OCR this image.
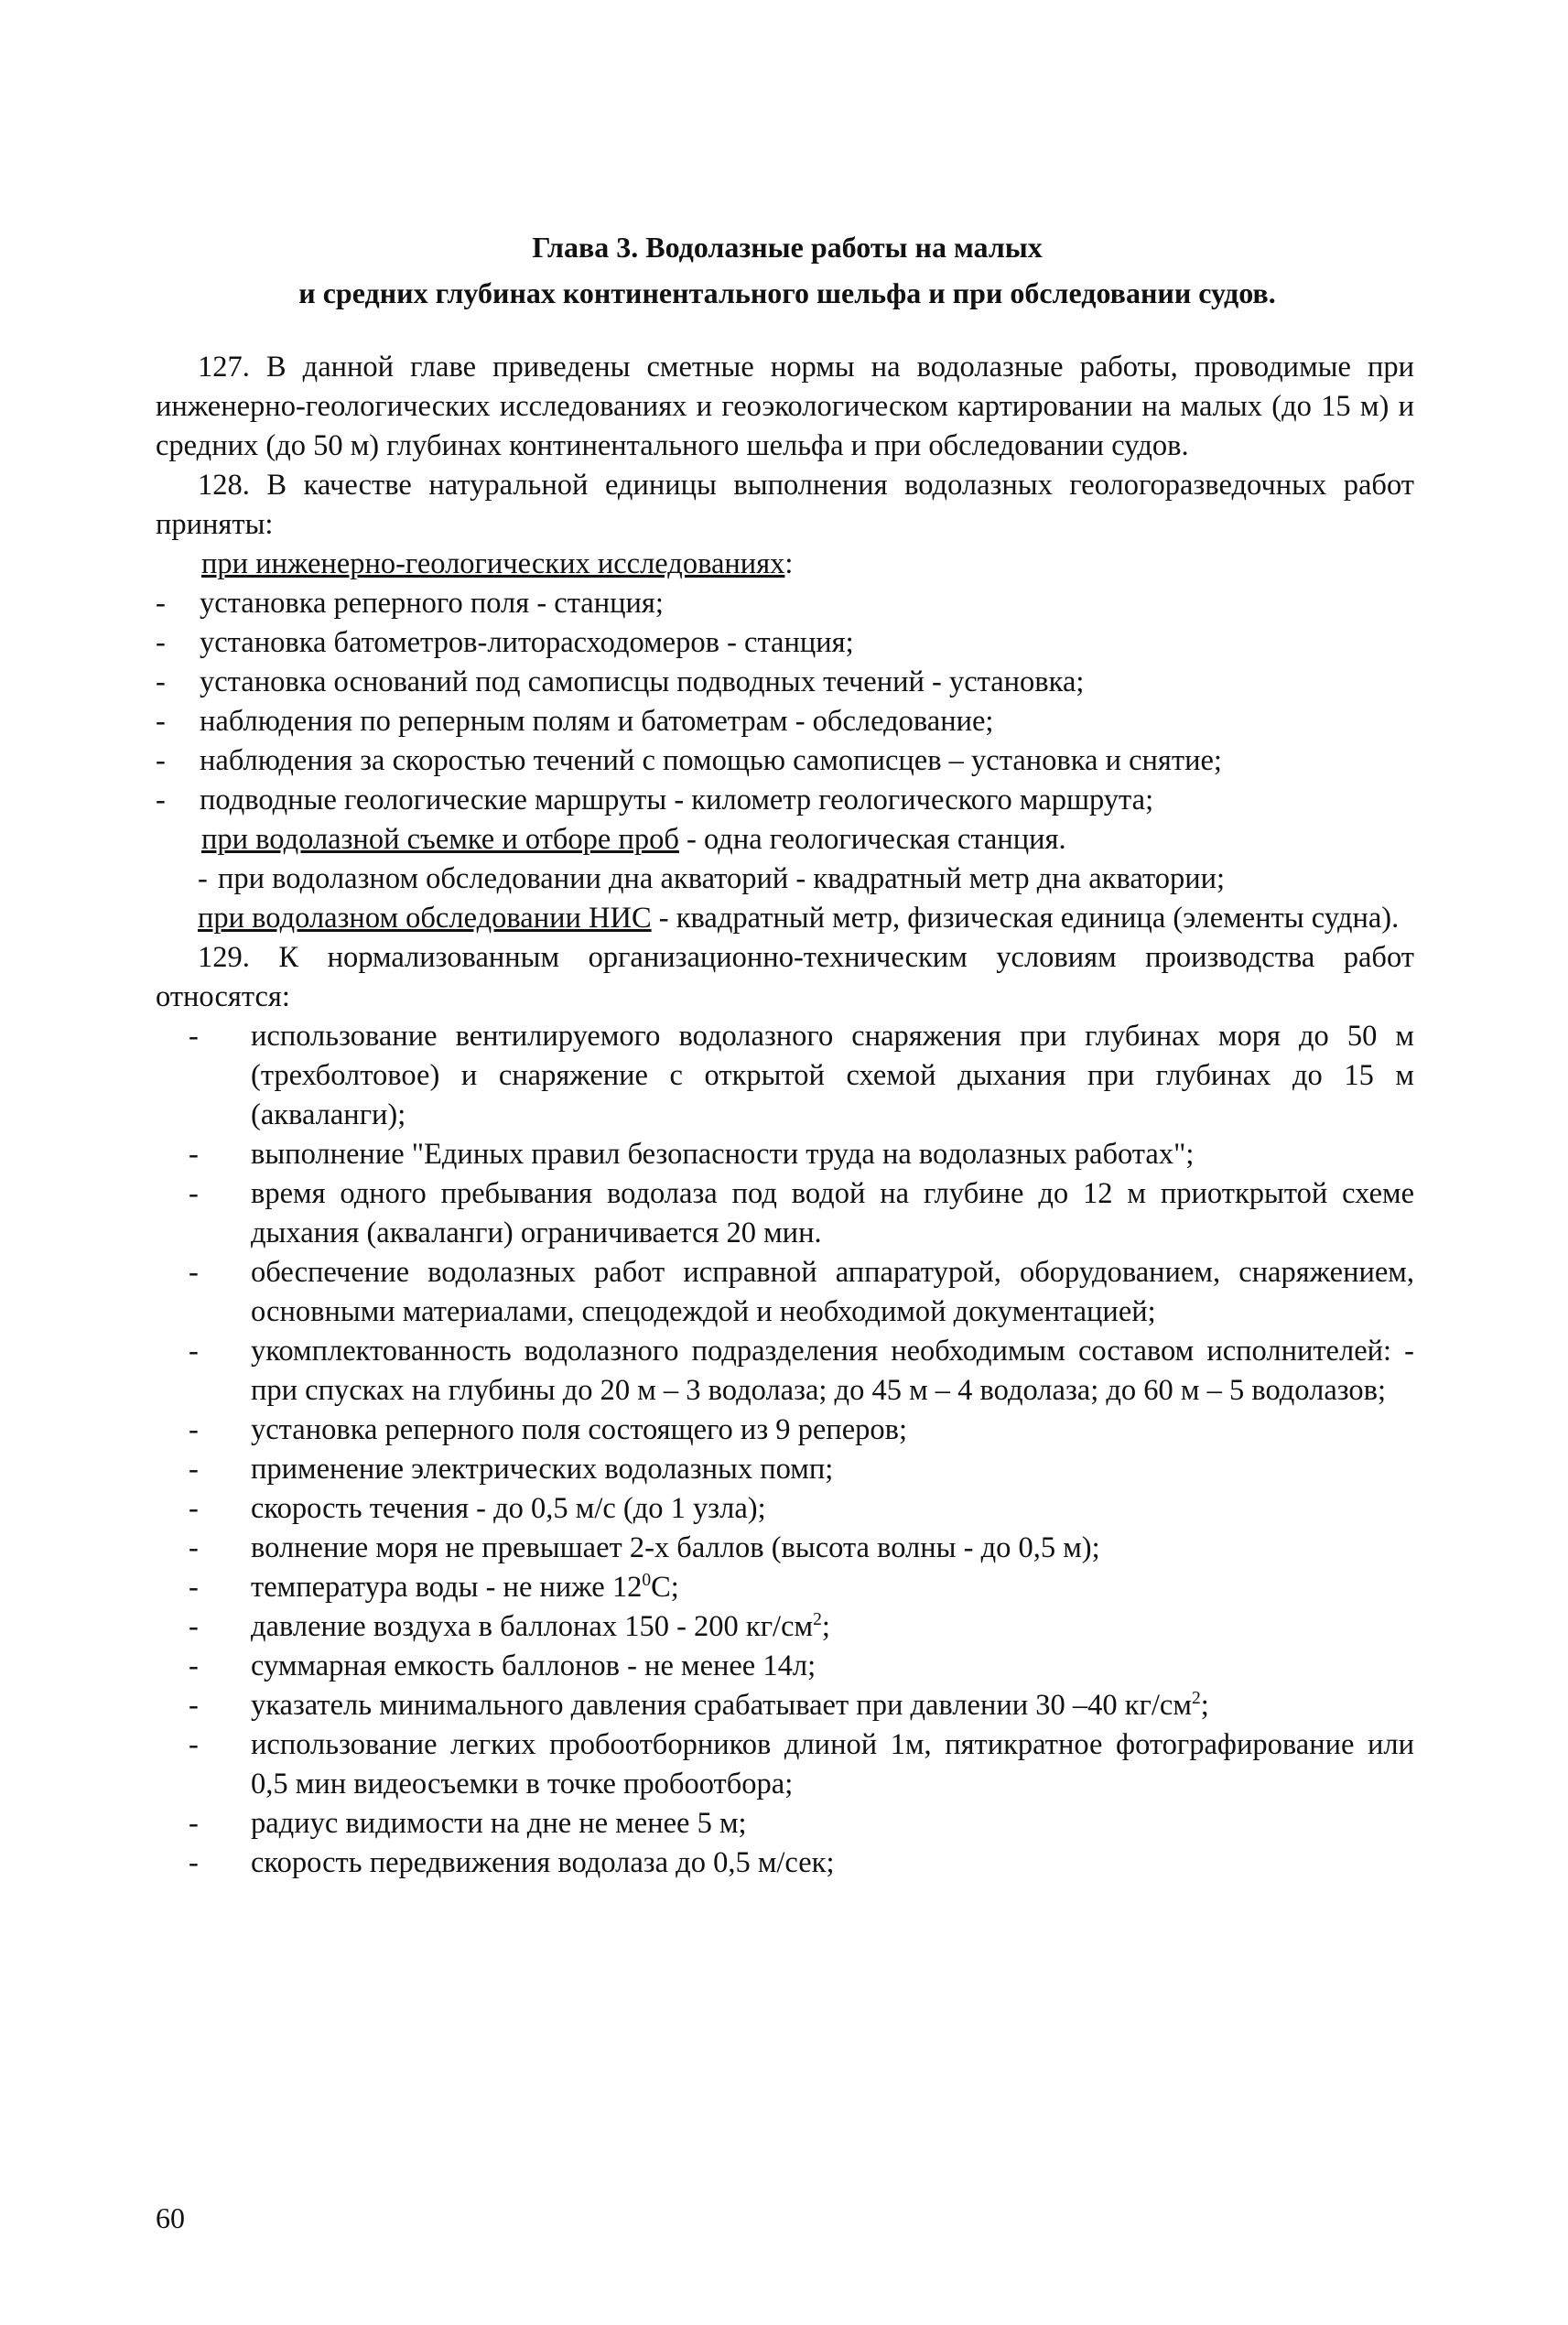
Глава 3. Водолазные работы на малых
и средних глубинах континентального шельфа и при обследовании судов.

127. В данной главе приведены сметные нормы на водолазные работы, проводимые при инженерно-геологических исследованиях и геоэкологическом картировании на малых (до 15 м) и средних (до 50 м) глубинах континентального шельфа и при обследовании судов.

128. В качестве натуральной единицы выполнения водолазных геологоразведочных работ приняты:

при инженерно-геологических исследованиях:

- установка реперного поля - станция;

- установка батометров-литорасходомеров - станция;

- установка оснований под самописцы подводных течений - установка;

- наблюдения по реперным полям и батометрам - обследование;

- наблюдения за скоростью течений с помощью самописцев – установка и снятие;

- подводные геологические маршруты - километр геологического маршрута;

при водолазной съемке и отборе проб - одна геологическая станция.

- при водолазном обследовании дна акваторий - квадратный метр дна акватории;

при водолазном обследовании НИС - квадратный метр, физическая единица (элементы судна).

129. К нормализованным организационно-техническим условиям производства работ относятся:

- использование вентилируемого водолазного снаряжения при глубинах моря до 50 м (трехболтовое) и снаряжение с открытой схемой дыхания при глубинах до 15 м (акваланги);

- выполнение "Единых правил безопасности труда на водолазных работах";

- время одного пребывания водолаза под водой на глубине до 12 м приоткрытой схеме дыхания (акваланги) ограничивается 20 мин.

- обеспечение водолазных работ исправной аппаратурой, оборудованием, снаряжением, основными материалами, спецодеждой и необходимой документацией;

- укомплектованность водолазного подразделения необходимым составом исполнителей: - при спусках на глубины до 20 м – 3 водолаза; до 45 м – 4 водолаза; до 60 м – 5 водолазов;

- установка реперного поля состоящего из 9 реперов;

- применение электрических водолазных помп;

- скорость течения - до 0,5 м/с (до 1 узла);

- волнение моря не превышает 2-х баллов (высота волны - до 0,5 м);

- температура воды - не ниже $12^0С$;

- давление воздуха в баллонах 150 - 200 $кг/см^2$;

- суммарная емкость баллонов - не менее 14л;

- указатель минимального давления срабатывает при давлении 30 –40 $кг/см^2$;

- использование легких пробоотборников длиной 1м, пятикратное фотографирование или 0,5 мин видеосъемки в точке пробоотбора;

- радиус видимости на дне не менее 5 м;

- скорость передвижения водолаза до 0,5 м/сек;

60
